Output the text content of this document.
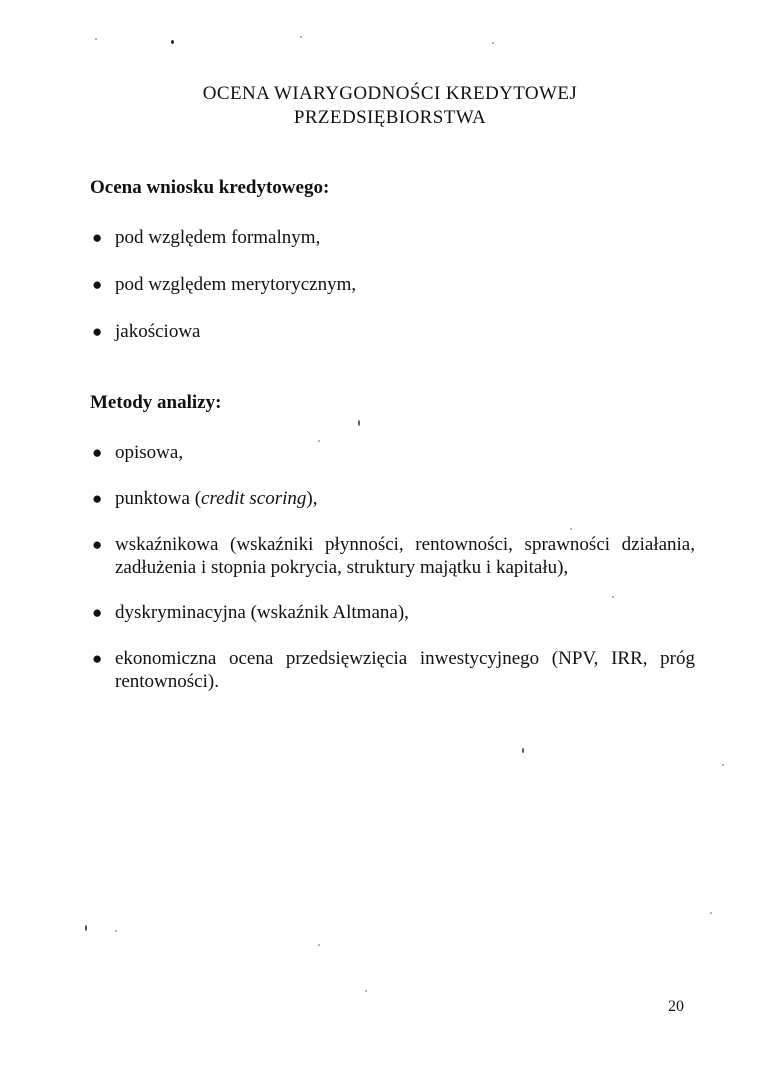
OCENA WIARYGODNOŚCI KREDYTOWEJ
PRZEDSIĘBIORSTWA
Ocena wniosku kredytowego:
● pod względem formalnym,
● pod względem merytorycznym,
● jakościowa
Metody analizy:
● opisowa,
● punktowa (credit scoring),
● wskaźnikowa (wskaźniki płynności, rentowności, sprawności działania, zadłużenia i stopnia pokrycia, struktury majątku i kapitału),
● dyskryminacyjna (wskaźnik Altmana),
● ekonomiczna ocena przedsięwzięcia inwestycyjnego (NPV, IRR, próg rentowności).
20
